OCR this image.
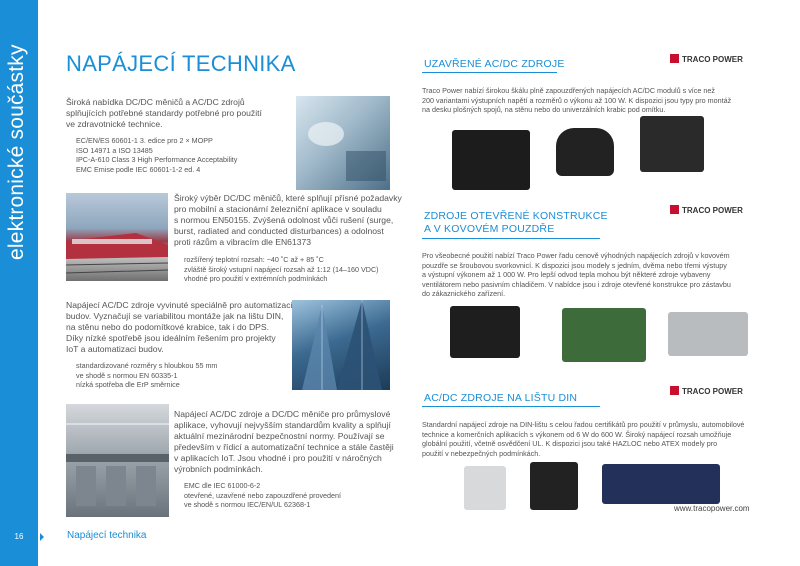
elektronické součástky
16	Napájecí technika
NAPÁJECÍ TECHNIKA
Široká nabídka DC/DC měničů a AC/DC zdrojů
splňujících potřebné standardy potřebné pro použití
ve zdravotnické technice.
EC/EN/ES 60601-1 3. edice pro 2 × MOPP
ISO 14971 a ISO 13485
IPC-A-610 Class 3 High Performance Acceptability
EMC Emise podle IEC 60601-1-2 ed. 4
Široký výběr DC/DC měničů, které splňují přísné požadavky
pro mobilní a stacionární železniční aplikace v souladu
s normou EN50155. Zvýšená odolnost vůči rušení (surge,
burst, radiated and conducted disturbances) a odolnost
proti rázům a vibracím dle EN61373
rozšířený teplotní rozsah: −40 ˚C až + 85 ˚C
zvláště široký vstupní napájecí rozsah až 1:12 (14–160 VDC)
vhodné pro použití v extrémních podmínkách
Napájecí AC/DC zdroje vyvinuté speciálně pro automatizaci
budov. Vyznačují se variabilitou montáže jak na lištu DIN,
na stěnu nebo do podomítkové krabice, tak i do DPS.
Díky nízké spotřebě jsou ideálním řešením pro projekty
IoT a automatizaci budov.
standardizované rozměry s hloubkou 55 mm
ve shodě s normou EN 60335-1
nízká spotřeba dle ErP směrnice
Napájecí AC/DC zdroje a DC/DC měniče pro průmyslové
aplikace, vyhovují nejvyšším standardům kvality a splňují
aktuální mezinárodní bezpečnostní normy. Používají se
především v řídicí a automatizační technice a stále častěji
v aplikacích IoT. Jsou vhodné i pro použití v náročných
výrobních podmínkách.
EMC dle IEC 61000-6-2
otevřené, uzavřené nebo zapouzdřené provedení
ve shodě s normou IEC/EN/UL 62368-1
UZAVŘENÉ AC/DC ZDROJE	TRACO POWER
Traco Power nabízí širokou škálu plně zapouzdřených napájecích AC/DC modulů s více než
200 variantami výstupních napětí a rozměrů o výkonu až 100 W. K dispozici jsou typy pro montáž
na desku plošných spojů, na stěnu nebo do univerzálních krabic pod omítku.
ZDROJE OTEVŘENÉ KONSTRUKCE
A V KOVOVÉM POUZDŘE
TRACO POWER
Pro všeobecné použití nabízí Traco Power řadu cenově výhodných napájecích zdrojů v kovovém
pouzdře se šroubovou svorkovnicí. K dispozici jsou modely s jedním, dvěma nebo třemi výstupy
a výstupní výkonem až 1 000 W. Pro lepší odvod tepla mohou být některé zdroje vybaveny
ventilátorem nebo pasivním chladičem. V nabídce jsou i zdroje otevřené konstrukce pro zástavbu
do zákaznického zařízení.
AC/DC ZDROJE NA LIŠTU DIN
TRACO POWER
Standardní napájecí zdroje na DIN-lištu s celou řadou certifikátů pro použití v průmyslu, automobilové
technice a komerčních aplikacích s výkonem od 6 W do 600 W. Široký napájecí rozsah umožňuje
globální použití, včetně osvědčení UL. K dispozici jsou také HAZLOC nebo ATEX modely pro
použití v nebezpečných podmínkách.
www.tracopower.com
